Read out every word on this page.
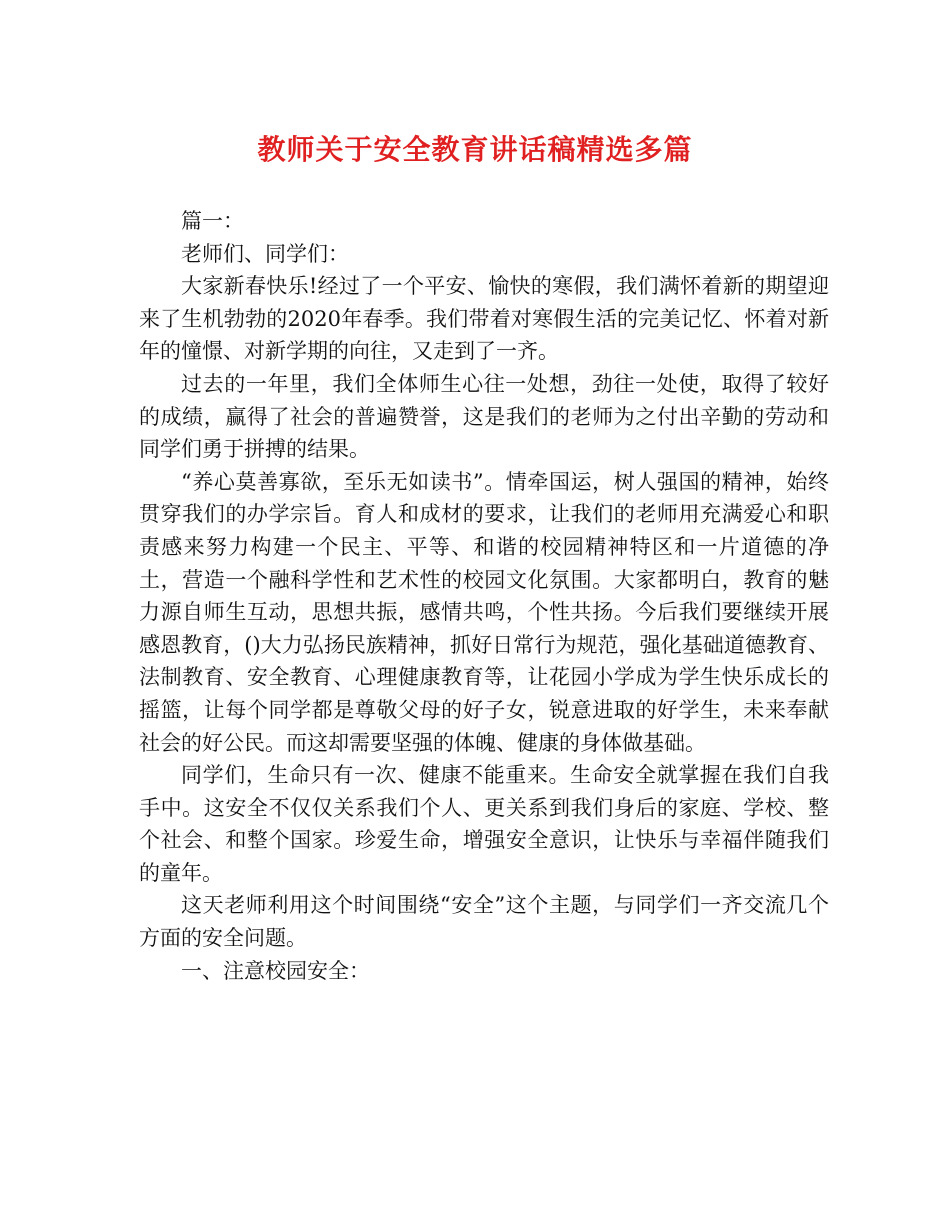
教师关于安全教育讲话稿精选多篇

篇一：

老师们、同学们：

大家新春快乐!经过了一个平安、愉快的寒假，我们满怀着新的期望迎来了生机勃勃的2020年春季。我们带着对寒假生活的完美记忆、怀着对新年的憧憬、对新学期的向往，又走到了一齐。

过去的一年里，我们全体师生心往一处想，劲往一处使，取得了较好的成绩，赢得了社会的普遍赞誉，这是我们的老师为之付出辛勤的劳动和同学们勇于拼搏的结果。

“养心莫善寡欲，至乐无如读书”。情牵国运，树人强国的精神，始终贯穿我们的办学宗旨。育人和成材的要求，让我们的老师用充满爱心和职责感来努力构建一个民主、平等、和谐的校园精神特区和一片道德的净土，营造一个融科学性和艺术性的校园文化氛围。大家都明白，教育的魅力源自师生互动，思想共振，感情共鸣，个性共扬。今后我们要继续开展感恩教育，()大力弘扬民族精神，抓好日常行为规范，强化基础道德教育、法制教育、安全教育、心理健康教育等，让花园小学成为学生快乐成长的摇篮，让每个同学都是尊敬父母的好子女，锐意进取的好学生，未来奉献社会的好公民。而这却需要坚强的体魄、健康的身体做基础。

同学们，生命只有一次、健康不能重来。生命安全就掌握在我们自我手中。这安全不仅仅关系我们个人、更关系到我们身后的家庭、学校、整个社会、和整个国家。珍爱生命，增强安全意识，让快乐与幸福伴随我们的童年。

这天老师利用这个时间围绕“安全”这个主题，与同学们一齐交流几个方面的安全问题。

一、注意校园安全：
